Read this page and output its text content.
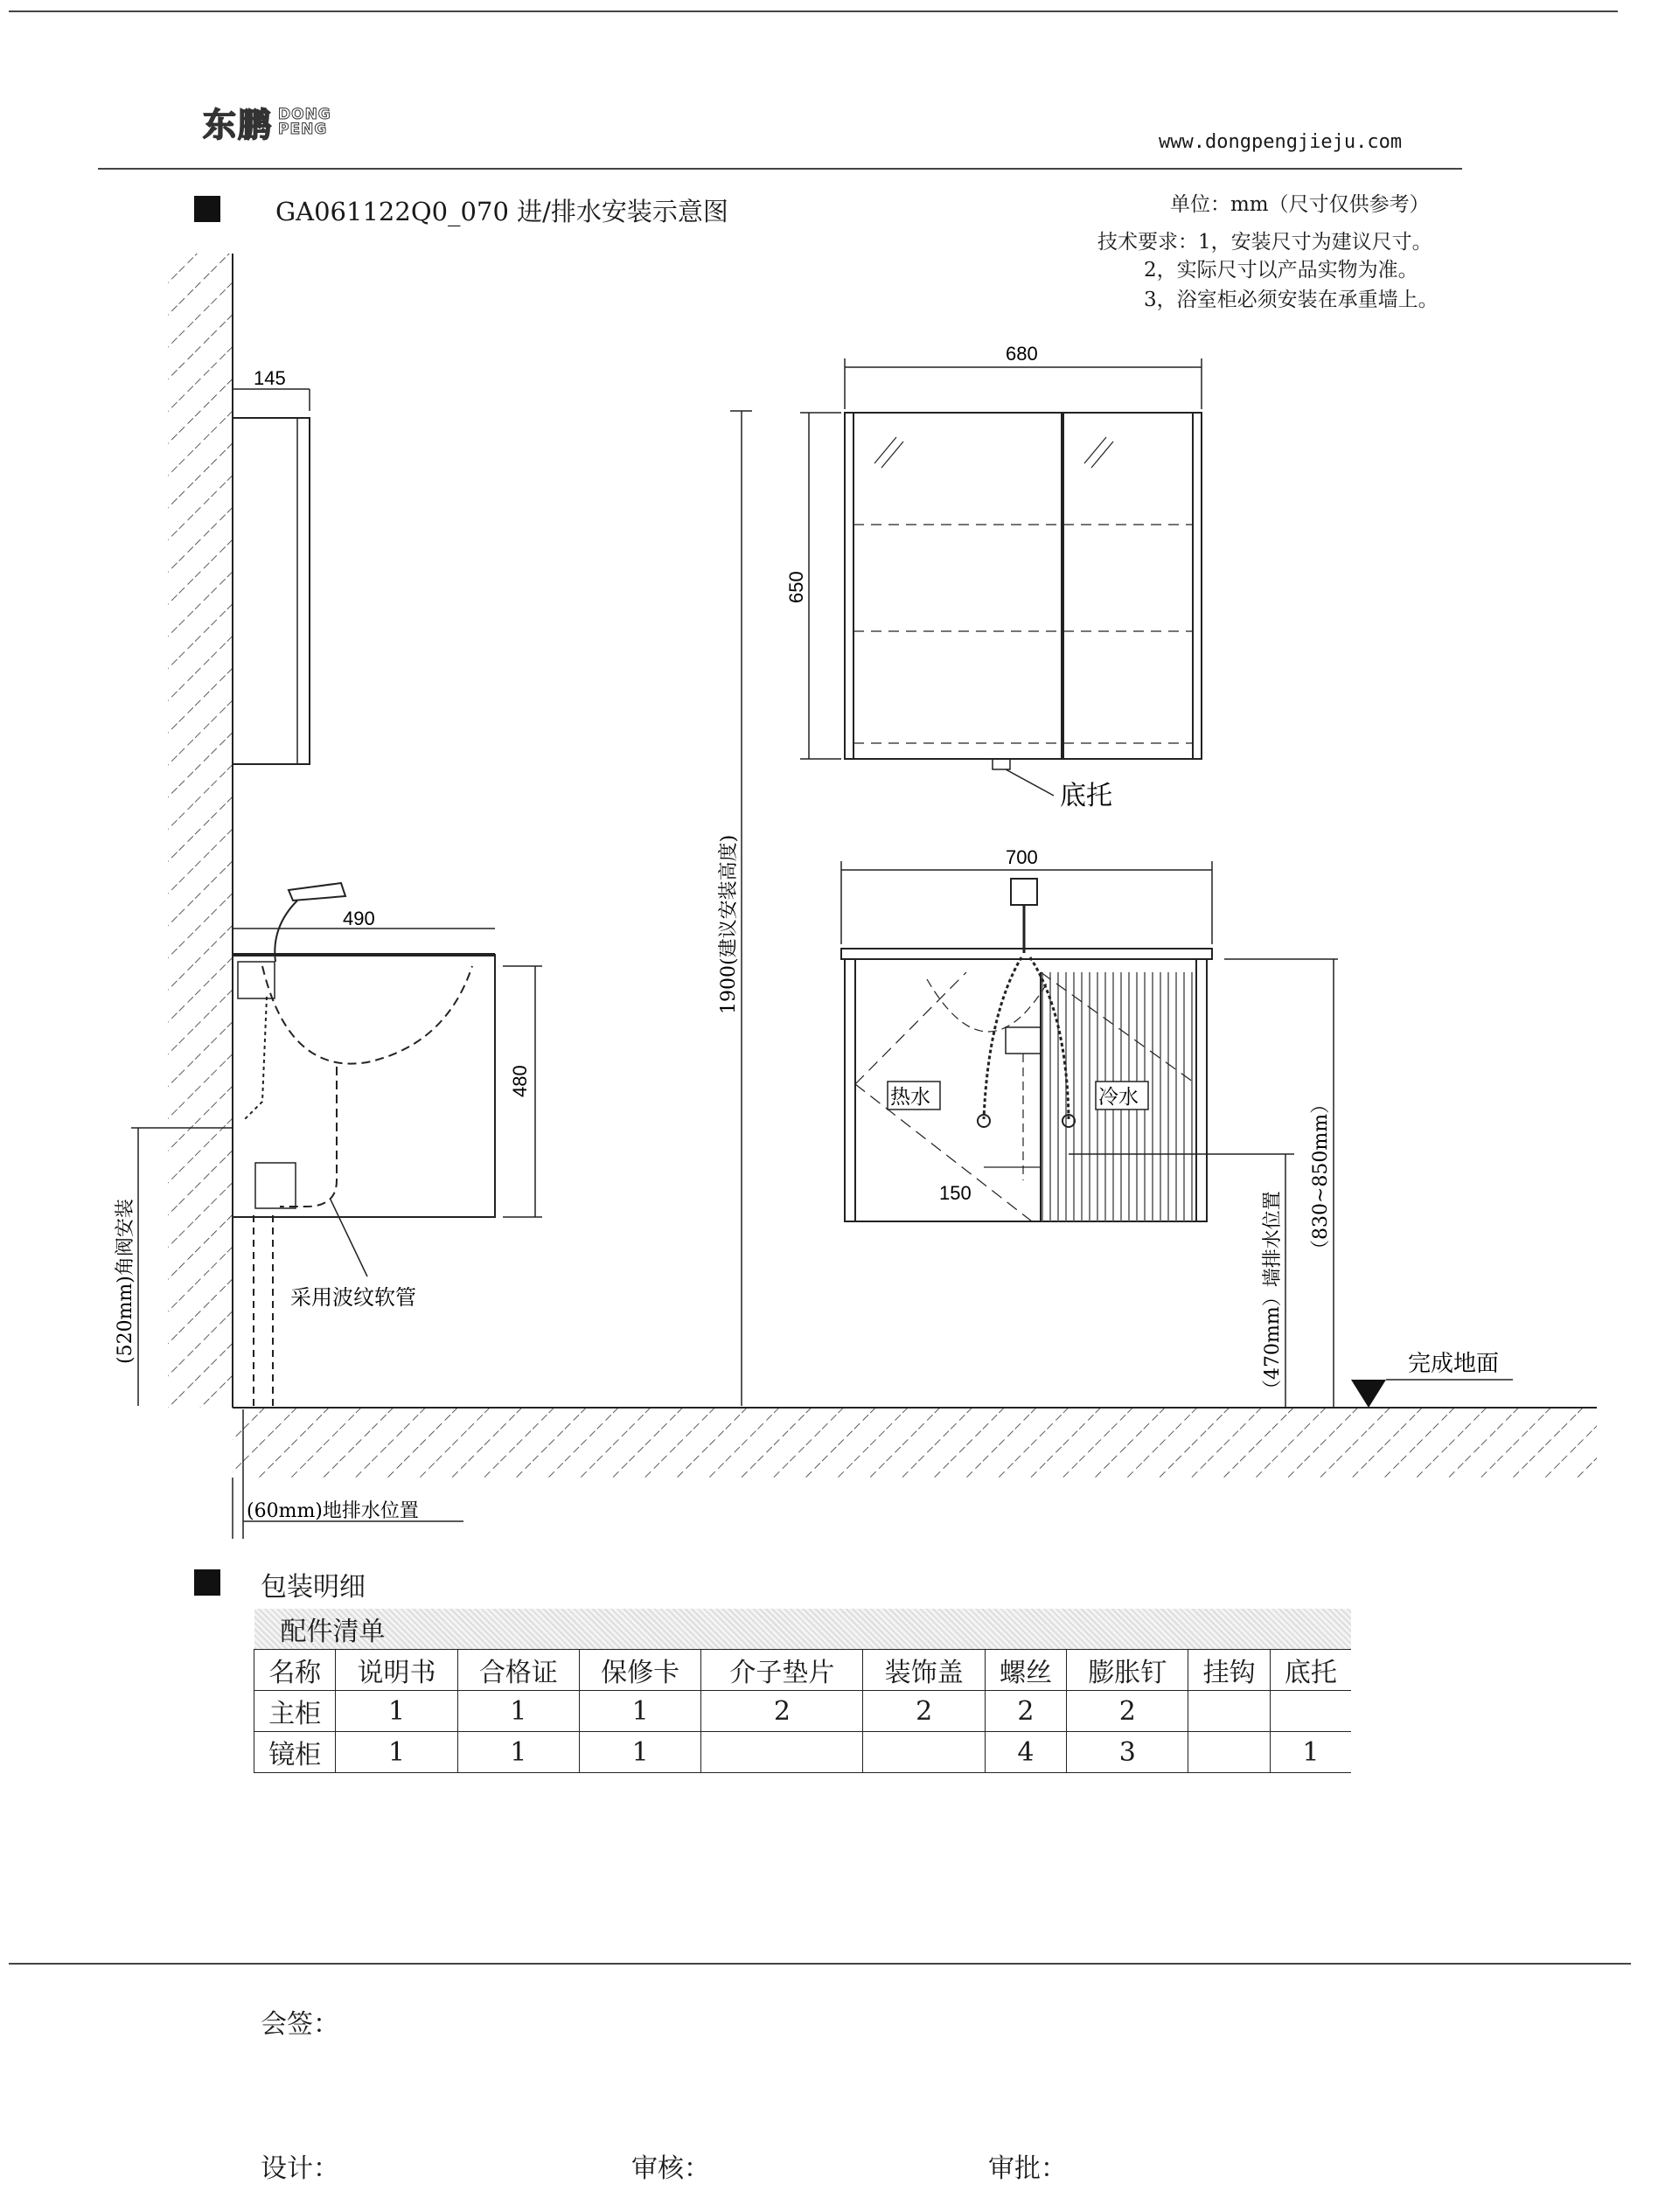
东鹏 DONG
PENG
www.dongpengjieju.com
GA061122Q0_070 进/排水安装示意图	单位：mm（尺寸仅供参考）
技术要求：1，安装尺寸为建议尺寸。
2，实际尺寸以产品实物为准。
3，浴室柜必须安装在承重墙上。
145
490
480
680
650
700
150
1900(建议安装高度)
(520mm)角阀安装
（830~850mm）
（470mm）墙排水位置
(60mm)地排水位置
底托
热水	冷水
采用波纹软管
完成地面
包装明细
配件清单									
名称	说明书	合格证	保修卡	介子垫片	装饰盖	螺丝	膨胀钉	挂钩	底托
主柜	1	1	1	2	2	2	2		
镜柜	1	1	1			4	3		1
会签：
设计：	审核：	审批：
